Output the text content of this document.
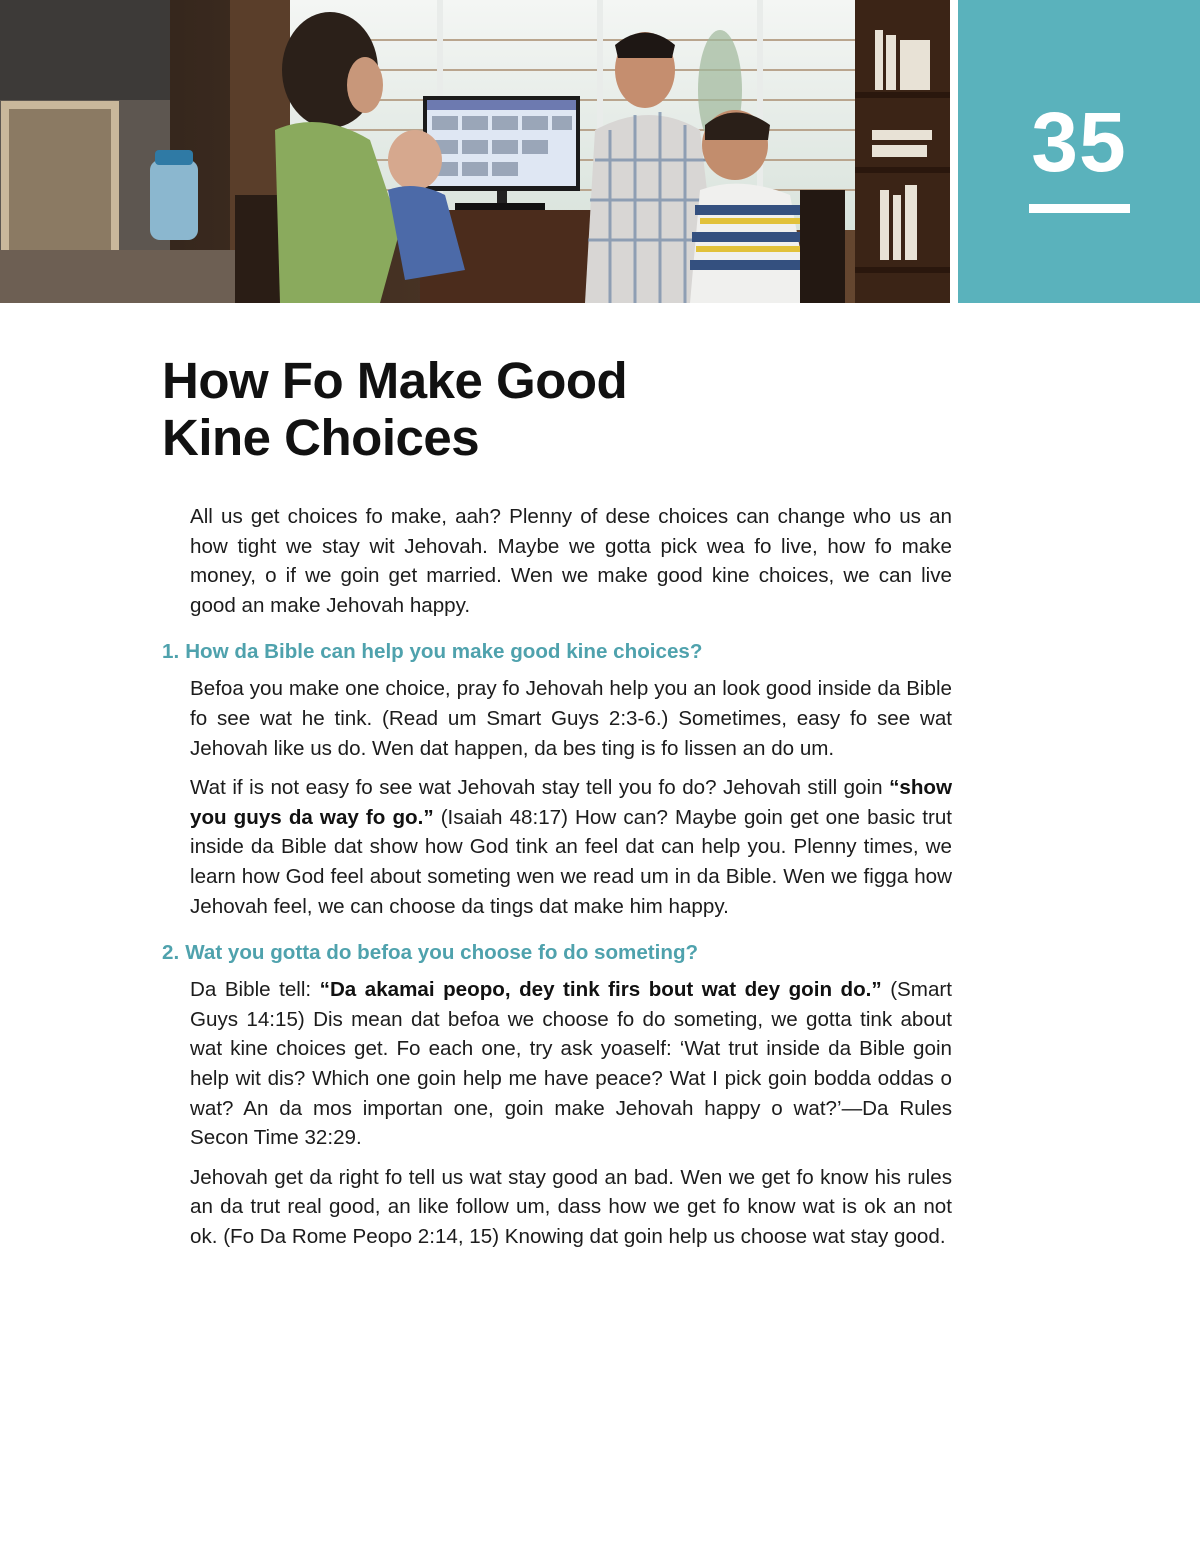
35
How Fo Make Good
Kine Choices

All us get choices fo make, aah? Plenny of dese choices can change who us an how tight we stay wit Jehovah. Maybe we gotta pick wea fo live, how fo make money, o if we goin get married. Wen we make good kine choices, we can live good an make Jehovah happy.

1. How da Bible can help you make good kine choices?

Befoa you make one choice, pray fo Jehovah help you an look good inside da Bible fo see wat he tink. (Read um Smart Guys 2:3-6.) Sometimes, easy fo see wat Jehovah like us do. Wen dat happen, da bes ting is fo lissen an do um.

Wat if is not easy fo see wat Jehovah stay tell you fo do? Jehovah still goin “show you guys da way fo go.” (Isaiah 48:17) How can? Maybe goin get one basic trut inside da Bible dat show how God tink an feel dat can help you. Plenny times, we learn how God feel about someting wen we read um in da Bible. Wen we figga how Jehovah feel, we can choose da tings dat make him happy.

2. Wat you gotta do befoa you choose fo do someting?

Da Bible tell: “Da akamai peopo, dey tink firs bout wat dey goin do.” (Smart Guys 14:15) Dis mean dat befoa we choose fo do someting, we gotta tink about wat kine choices get. Fo each one, try ask yoaself: ‘Wat trut inside da Bible goin help wit dis? Which one goin help me have peace? Wat I pick goin bodda oddas o wat? An da mos importan one, goin make Jehovah happy o wat?’—Da Rules Secon Time 32:29.

Jehovah get da right fo tell us wat stay good an bad. Wen we get fo know his rules an da trut real good, an like follow um, dass how we get fo know wat is ok an not ok. (Fo Da Rome Peopo 2:14, 15) Knowing dat goin help us choose wat stay good.
